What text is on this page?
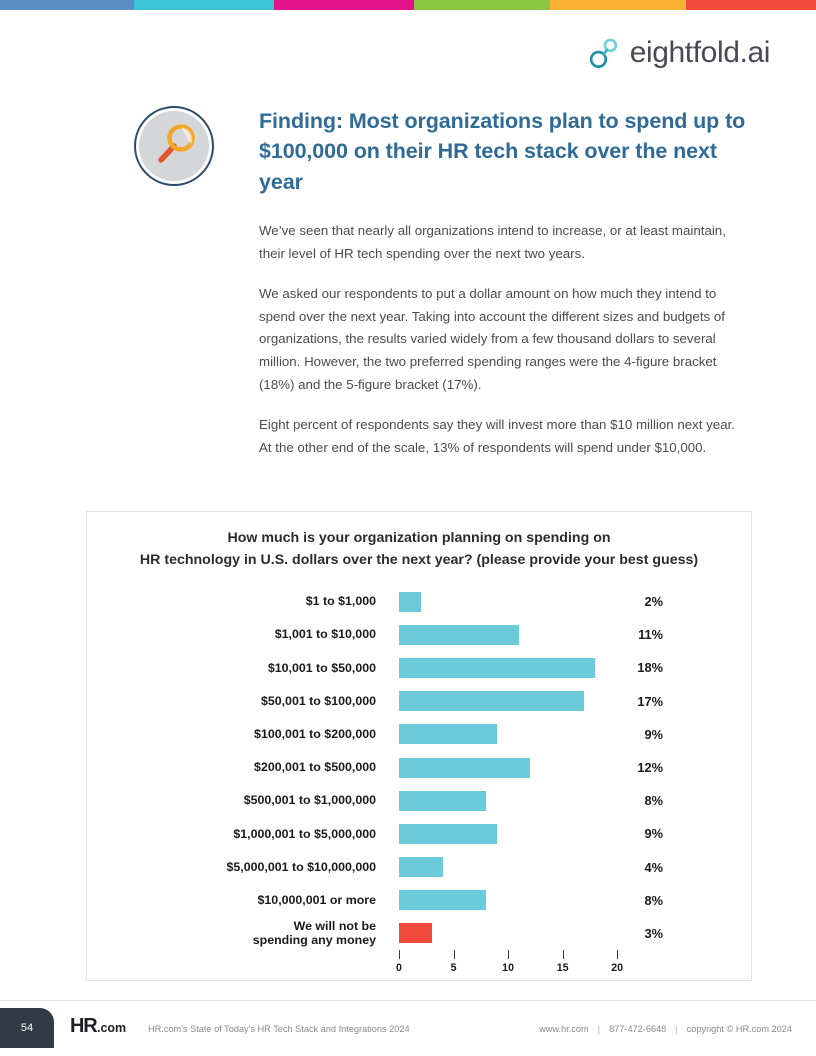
eightfold.ai
Finding: Most organizations plan to spend up to $100,000 on their HR tech stack over the next year

We’ve seen that nearly all organizations intend to increase, or at least maintain, their level of HR tech spending over the next two years.

We asked our respondents to put a dollar amount on how much they intend to spend over the next year. Taking into account the different sizes and budgets of organizations, the results varied widely from a few thousand dollars to several million. However, the two preferred spending ranges were the 4-figure bracket (18%) and the 5-figure bracket (17%).

Eight percent of respondents say they will invest more than $10 million next year. At the other end of the scale, 13% of respondents will spend under $10,000.

How much is your organization planning on spending on
HR technology in U.S. dollars over the next year? (please provide your best guess)
$1 to $1,000	2%
$1,001 to $10,000	11%
$10,001 to $50,000	18%
$50,001 to $100,000	17%
$100,001 to $200,000	9%
$200,001 to $500,000	12%
$500,001 to $1,000,000	8%
$1,000,001 to $5,000,000	9%
$5,000,001 to $10,000,000	4%
$10,000,001 or more	8%
We will not be
spending any money	3%
0	5	10	15	20
54	HR .com HR.com's State of Today's HR Tech Stack and Integrations 2024	www.hr.com | 877-472-6648 | copyright © HR.com 2024
